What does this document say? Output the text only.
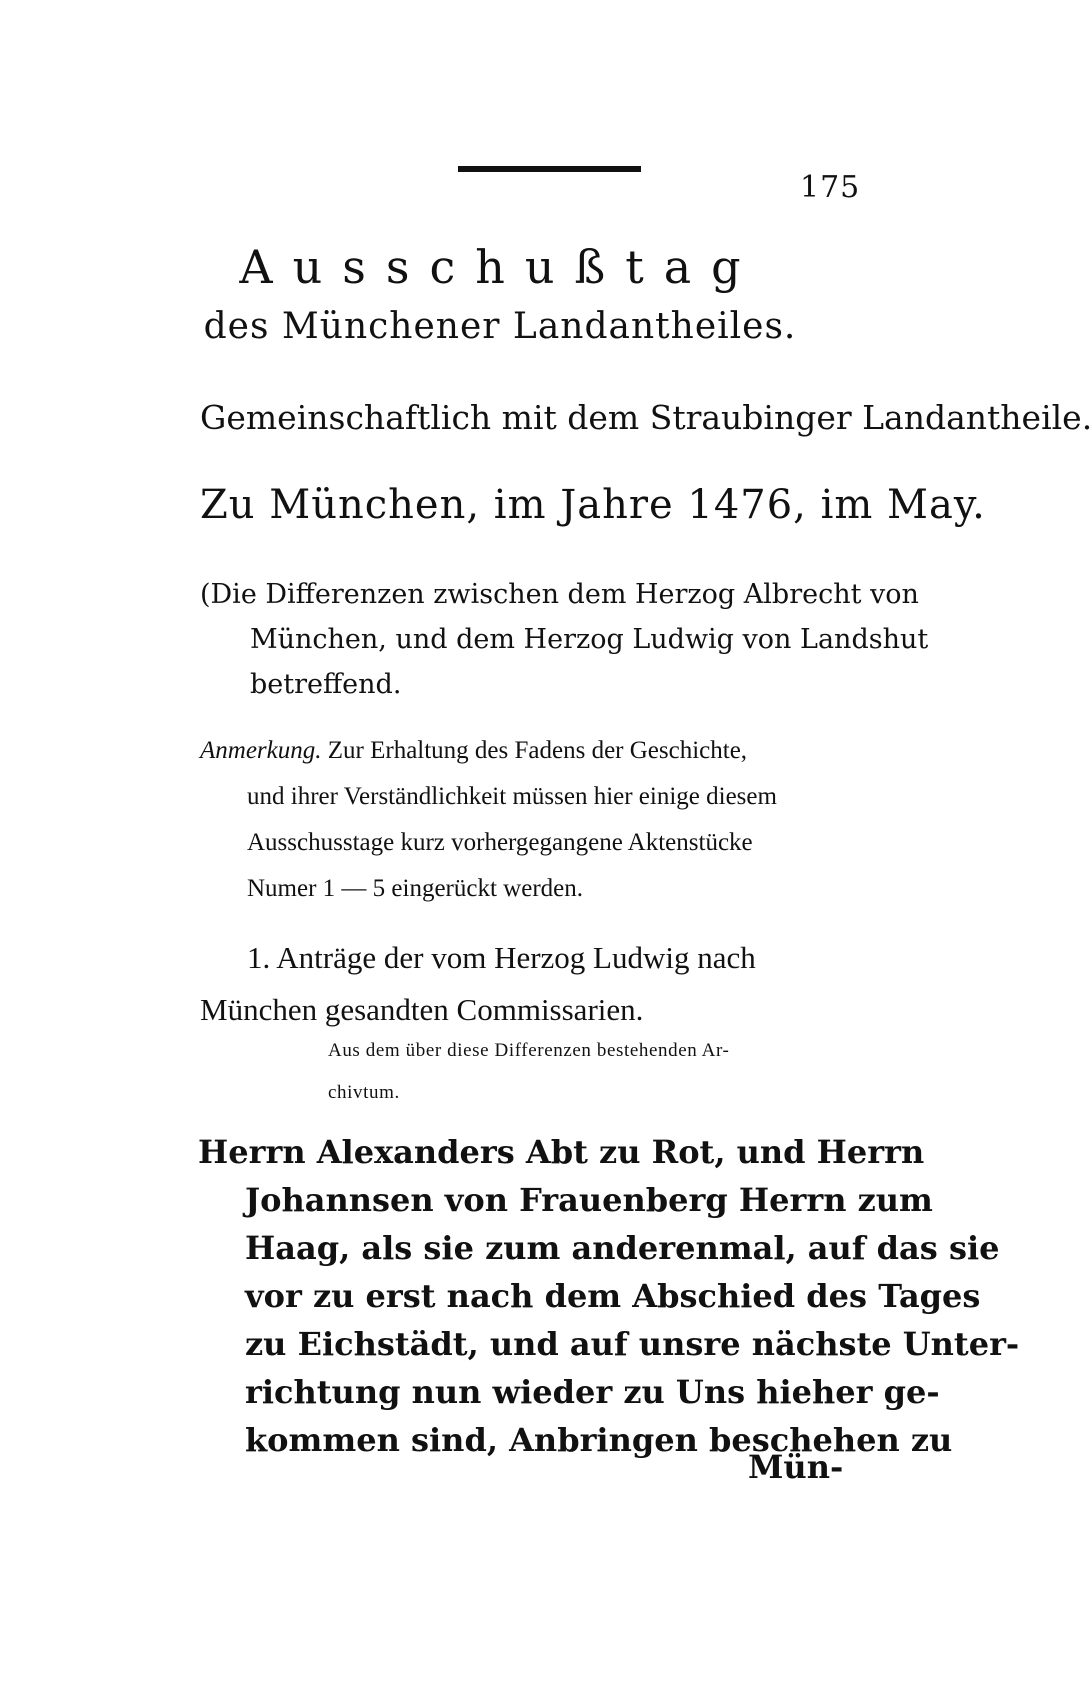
175
Ausschußtag
des Münchener Landantheiles.
Gemeinschaftlich mit dem Straubinger Landantheile.
Zu München, im Jahre 1476, im May.
(Die Differenzen zwischen dem Herzog Albrecht von
München, und dem Herzog Ludwig von Landshut
betreffend.
Anmerkung. Zur Erhaltung des Fadens der Geschichte,
und ihrer Verständlichkeit müssen hier einige diesem
Ausschusstage kurz vorhergegangene Aktenstücke
Numer 1 — 5 eingerückt werden.
1. Anträge der vom Herzog Ludwig nach
München gesandten Commissarien.
Aus dem über diese Differenzen bestehenden Ar-
chivtum.
Herrn Alexanders Abt zu Rot, und Herrn
Johannsen von Frauenberg Herrn zum
Haag, als sie zum anderenmal, auf das sie
vor zu erst nach dem Abschied des Tages
zu Eichstädt, und auf unsre nächste Unter-
richtung nun wieder zu Uns hieher ge-
kommen sind, Anbringen beschehen zu
Mün-
